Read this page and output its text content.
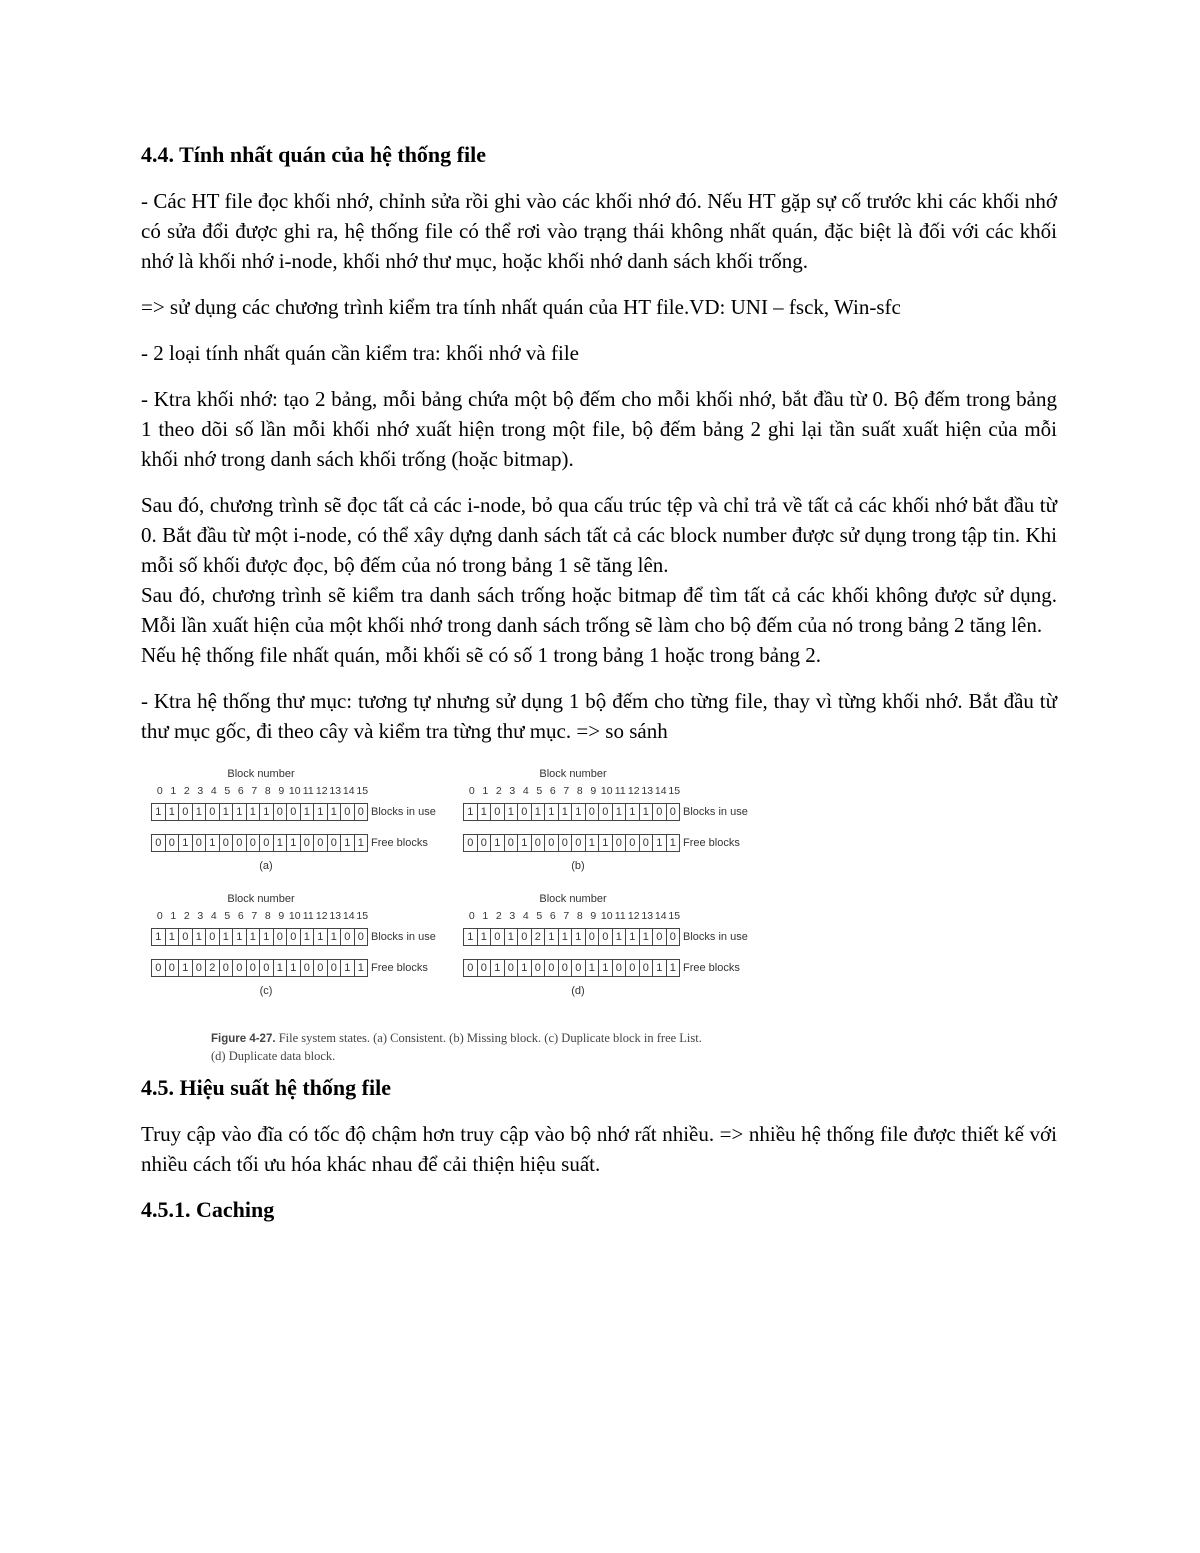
4.4. Tính nhất quán của hệ thống file

- Các HT file đọc khối nhớ, chỉnh sửa rồi ghi vào các khối nhớ đó. Nếu HT gặp sự cố trước khi các khối nhớ có sửa đổi được ghi ra, hệ thống file có thể rơi vào trạng thái không nhất quán, đặc biệt là đối với các khối nhớ là khối nhớ i-node, khối nhớ thư mục, hoặc khối nhớ danh sách khối trống.

=> sử dụng các chương trình kiểm tra tính nhất quán của HT file.VD: UNI – fsck, Win-sfc

- 2 loại tính nhất quán cần kiểm tra: khối nhớ và file

- Ktra khối nhớ: tạo 2 bảng, mỗi bảng chứa một bộ đếm cho mỗi khối nhớ, bắt đầu từ 0. Bộ đếm trong bảng 1 theo dõi số lần mỗi khối nhớ xuất hiện trong một file, bộ đếm bảng 2 ghi lại tần suất xuất hiện của mỗi khối nhớ trong danh sách khối trống (hoặc bitmap).

Sau đó, chương trình sẽ đọc tất cả các i-node, bỏ qua cấu trúc tệp và chỉ trả về tất cả các khối nhớ bắt đầu từ 0. Bắt đầu từ một i-node, có thể xây dựng danh sách tất cả các block number được sử dụng trong tập tin. Khi mỗi số khối được đọc, bộ đếm của nó trong bảng 1 sẽ tăng lên.

Sau đó, chương trình sẽ kiểm tra danh sách trống hoặc bitmap để tìm tất cả các khối không được sử dụng. Mỗi lần xuất hiện của một khối nhớ trong danh sách trống sẽ làm cho bộ đếm của nó trong bảng 2 tăng lên.

Nếu hệ thống file nhất quán, mỗi khối sẽ có số 1 trong bảng 1 hoặc trong bảng 2.

- Ktra hệ thống thư mục: tương tự nhưng sử dụng 1 bộ đếm cho từng file, thay vì từng khối nhớ. Bắt đầu từ thư mục gốc, đi theo cây và kiểm tra từng thư mục. => so sánh

Block number
0 1 2 3 4 5 6 7 8 9 10 11 12 13 14 15
1 1 0 1 0 1 1 1 1 0 0 1 1 1 0 0
0 0 1 0 1 0 0 0 0 1 1 0 0 0 1 1
Blocks in use
Free blocks
(a)
Block number
0 1 2 3 4 5 6 7 8 9 10 11 12 13 14 15
1 1 0 1 0 1 1 1 1 0 0 1 1 1 0 0
0 0 1 0 1 0 0 0 0 1 1 0 0 0 1 1
Blocks in use
Free blocks
(b)
Block number
0 1 2 3 4 5 6 7 8 9 10 11 12 13 14 15
1 1 0 1 0 1 1 1 1 0 0 1 1 1 0 0
0 0 1 0 2 0 0 0 0 1 1 0 0 0 1 1
Blocks in use
Free blocks
(c)
Block number
0 1 2 3 4 5 6 7 8 9 10 11 12 13 14 15
1 1 0 1 0 2 1 1 1 0 0 1 1 1 0 0
0 0 1 0 1 0 0 0 0 1 1 0 0 0 1 1
Blocks in use
Free blocks
(d)
Figure 4-27. File system states. (a) Consistent. (b) Missing block. (c) Duplicate block in free List. (d) Duplicate data block.
4.5. Hiệu suất hệ thống file

Truy cập vào đĩa có tốc độ chậm hơn truy cập vào bộ nhớ rất nhiều. => nhiều hệ thống file được thiết kế với nhiều cách tối ưu hóa khác nhau để cải thiện hiệu suất.

4.5.1. Caching
